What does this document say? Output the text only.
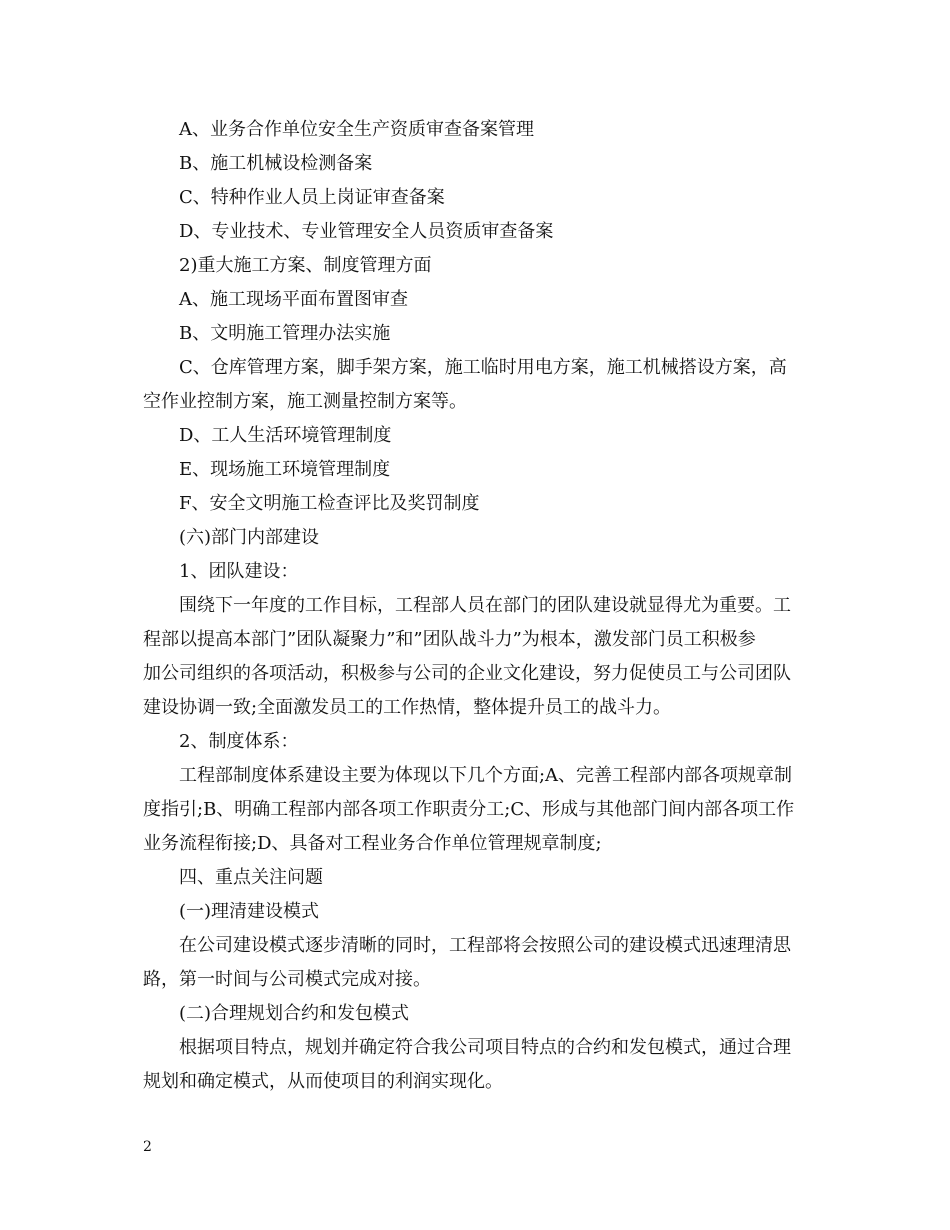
A、业务合作单位安全生产资质审查备案管理
B、施工机械设检测备案
C、特种作业人员上岗证审查备案
D、专业技术、专业管理安全人员资质审查备案
2)重大施工方案、制度管理方面
A、施工现场平面布置图审查
B、文明施工管理办法实施
C、仓库管理方案，脚手架方案，施工临时用电方案，施工机械搭设方案，高
空作业控制方案，施工测量控制方案等。
D、工人生活环境管理制度
E、现场施工环境管理制度
F、安全文明施工检查评比及奖罚制度
(六)部门内部建设
1、团队建设：
围绕下一年度的工作目标，工程部人员在部门的团队建设就显得尤为重要。工
程部以提高本部门”团队凝聚力”和”团队战斗力”为根本，激发部门员工积极参
加公司组织的各项活动，积极参与公司的企业文化建设，努力促使员工与公司团队
建设协调一致;全面激发员工的工作热情，整体提升员工的战斗力。
2、制度体系：
工程部制度体系建设主要为体现以下几个方面;A、完善工程部内部各项规章制
度指引;B、明确工程部内部各项工作职责分工;C、形成与其他部门间内部各项工作
业务流程衔接;D、具备对工程业务合作单位管理规章制度;
四、重点关注问题
(一)理清建设模式
在公司建设模式逐步清晰的同时，工程部将会按照公司的建设模式迅速理清思
路，第一时间与公司模式完成对接。
(二)合理规划合约和发包模式
根据项目特点，规划并确定符合我公司项目特点的合约和发包模式，通过合理
规划和确定模式，从而使项目的利润实现化。
2
